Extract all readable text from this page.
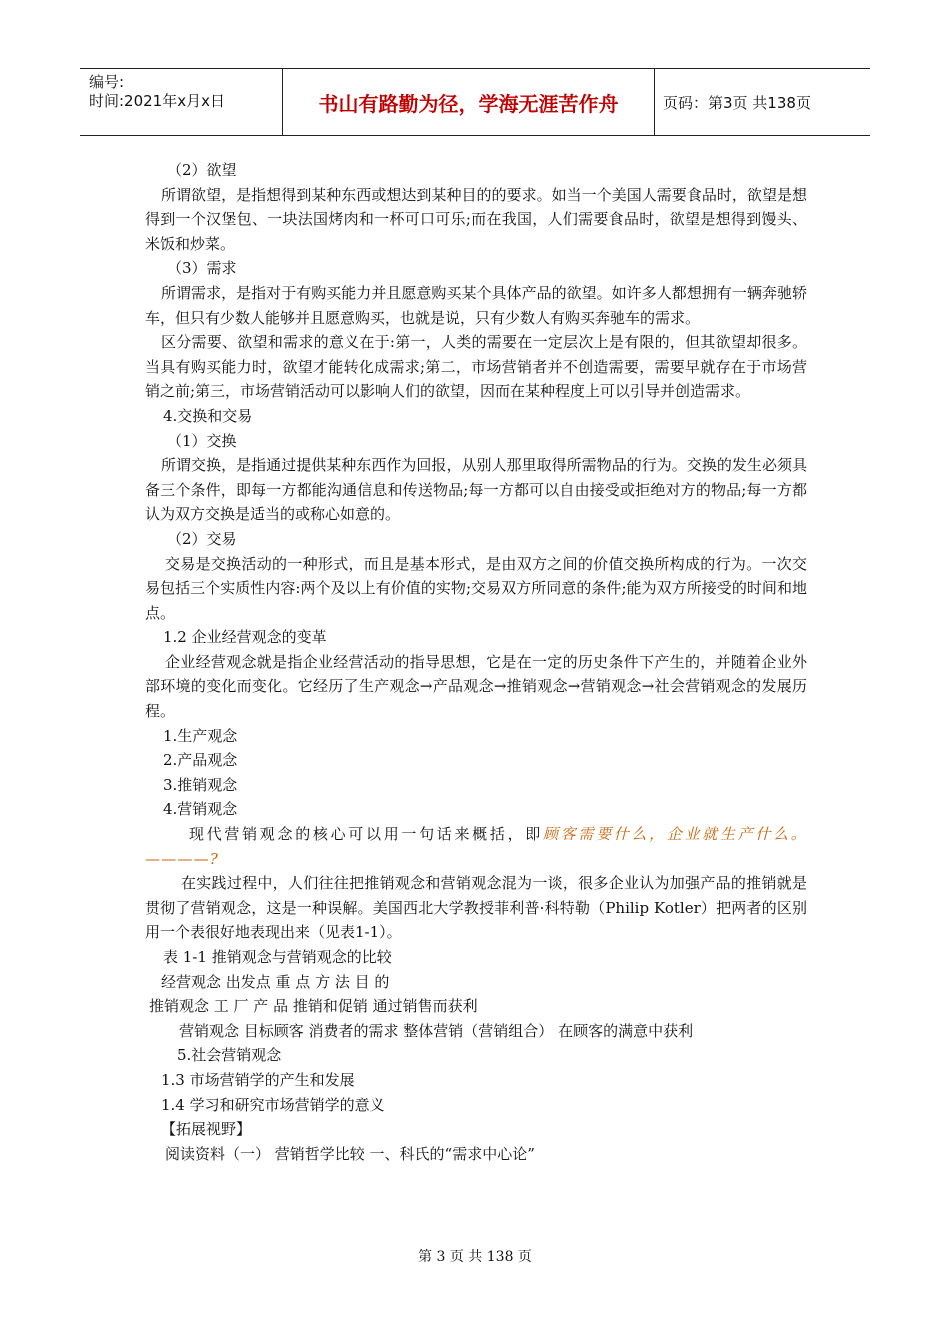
编号:
时间:2021年x月x日	书山有路勤为径，学海无涯苦作舟	页码：第3页 共138页
（2）欲望
所谓欲望，是指想得到某种东西或想达到某种目的的要求。如当一个美国人需要食品时，欲望是想得到一个汉堡包、一块法国烤肉和一杯可口可乐;而在我国，人们需要食品时，欲望是想得到馒头、米饭和炒菜。
（3）需求
所谓需求，是指对于有购买能力并且愿意购买某个具体产品的欲望。如许多人都想拥有一辆奔驰轿车，但只有少数人能够并且愿意购买，也就是说，只有少数人有购买奔驰车的需求。
区分需要、欲望和需求的意义在于:第一，人类的需要在一定层次上是有限的，但其欲望却很多。当具有购买能力时，欲望才能转化成需求;第二，市场营销者并不创造需要，需要早就存在于市场营销之前;第三，市场营销活动可以影响人们的欲望，因而在某种程度上可以引导并创造需求。
4.交换和交易
（1）交换
所谓交换，是指通过提供某种东西作为回报，从别人那里取得所需物品的行为。交换的发生必须具备三个条件，即每一方都能沟通信息和传送物品;每一方都可以自由接受或拒绝对方的物品;每一方都认为双方交换是适当的或称心如意的。
（2）交易
交易是交换活动的一种形式，而且是基本形式，是由双方之间的价值交换所构成的行为。一次交易包括三个实质性内容:两个及以上有价值的实物;交易双方所同意的条件;能为双方所接受的时间和地点。
1.2 企业经营观念的变革
企业经营观念就是指企业经营活动的指导思想，它是在一定的历史条件下产生的，并随着企业外部环境的变化而变化。它经历了生产观念→产品观念→推销观念→营销观念→社会营销观念的发展历程。
1.生产观念
2.产品观念
3.推销观念
4.营销观念
现代营销观念的核心可以用一句话来概括，即顾客需要什么，企业就生产什么。————?
在实践过程中，人们往往把推销观念和营销观念混为一谈，很多企业认为加强产品的推销就是贯彻了营销观念，这是一种误解。美国西北大学教授菲利普·科特勒（Philip Kotler）把两者的区别用一个表很好地表现出来（见表1-1）。
表 1-1 推销观念与营销观念的比较
经营观念 出发点 重 点 方 法 目 的
推销观念 工 厂 产 品 推销和促销 通过销售而获利
营销观念 目标顾客 消费者的需求 整体营销（营销组合） 在顾客的满意中获利
5.社会营销观念
1.3 市场营销学的产生和发展
1.4 学习和研究市场营销学的意义
【拓展视野】
阅读资料（一） 营销哲学比较 一、科氏的“需求中心论”
第 3 页 共 138 页
